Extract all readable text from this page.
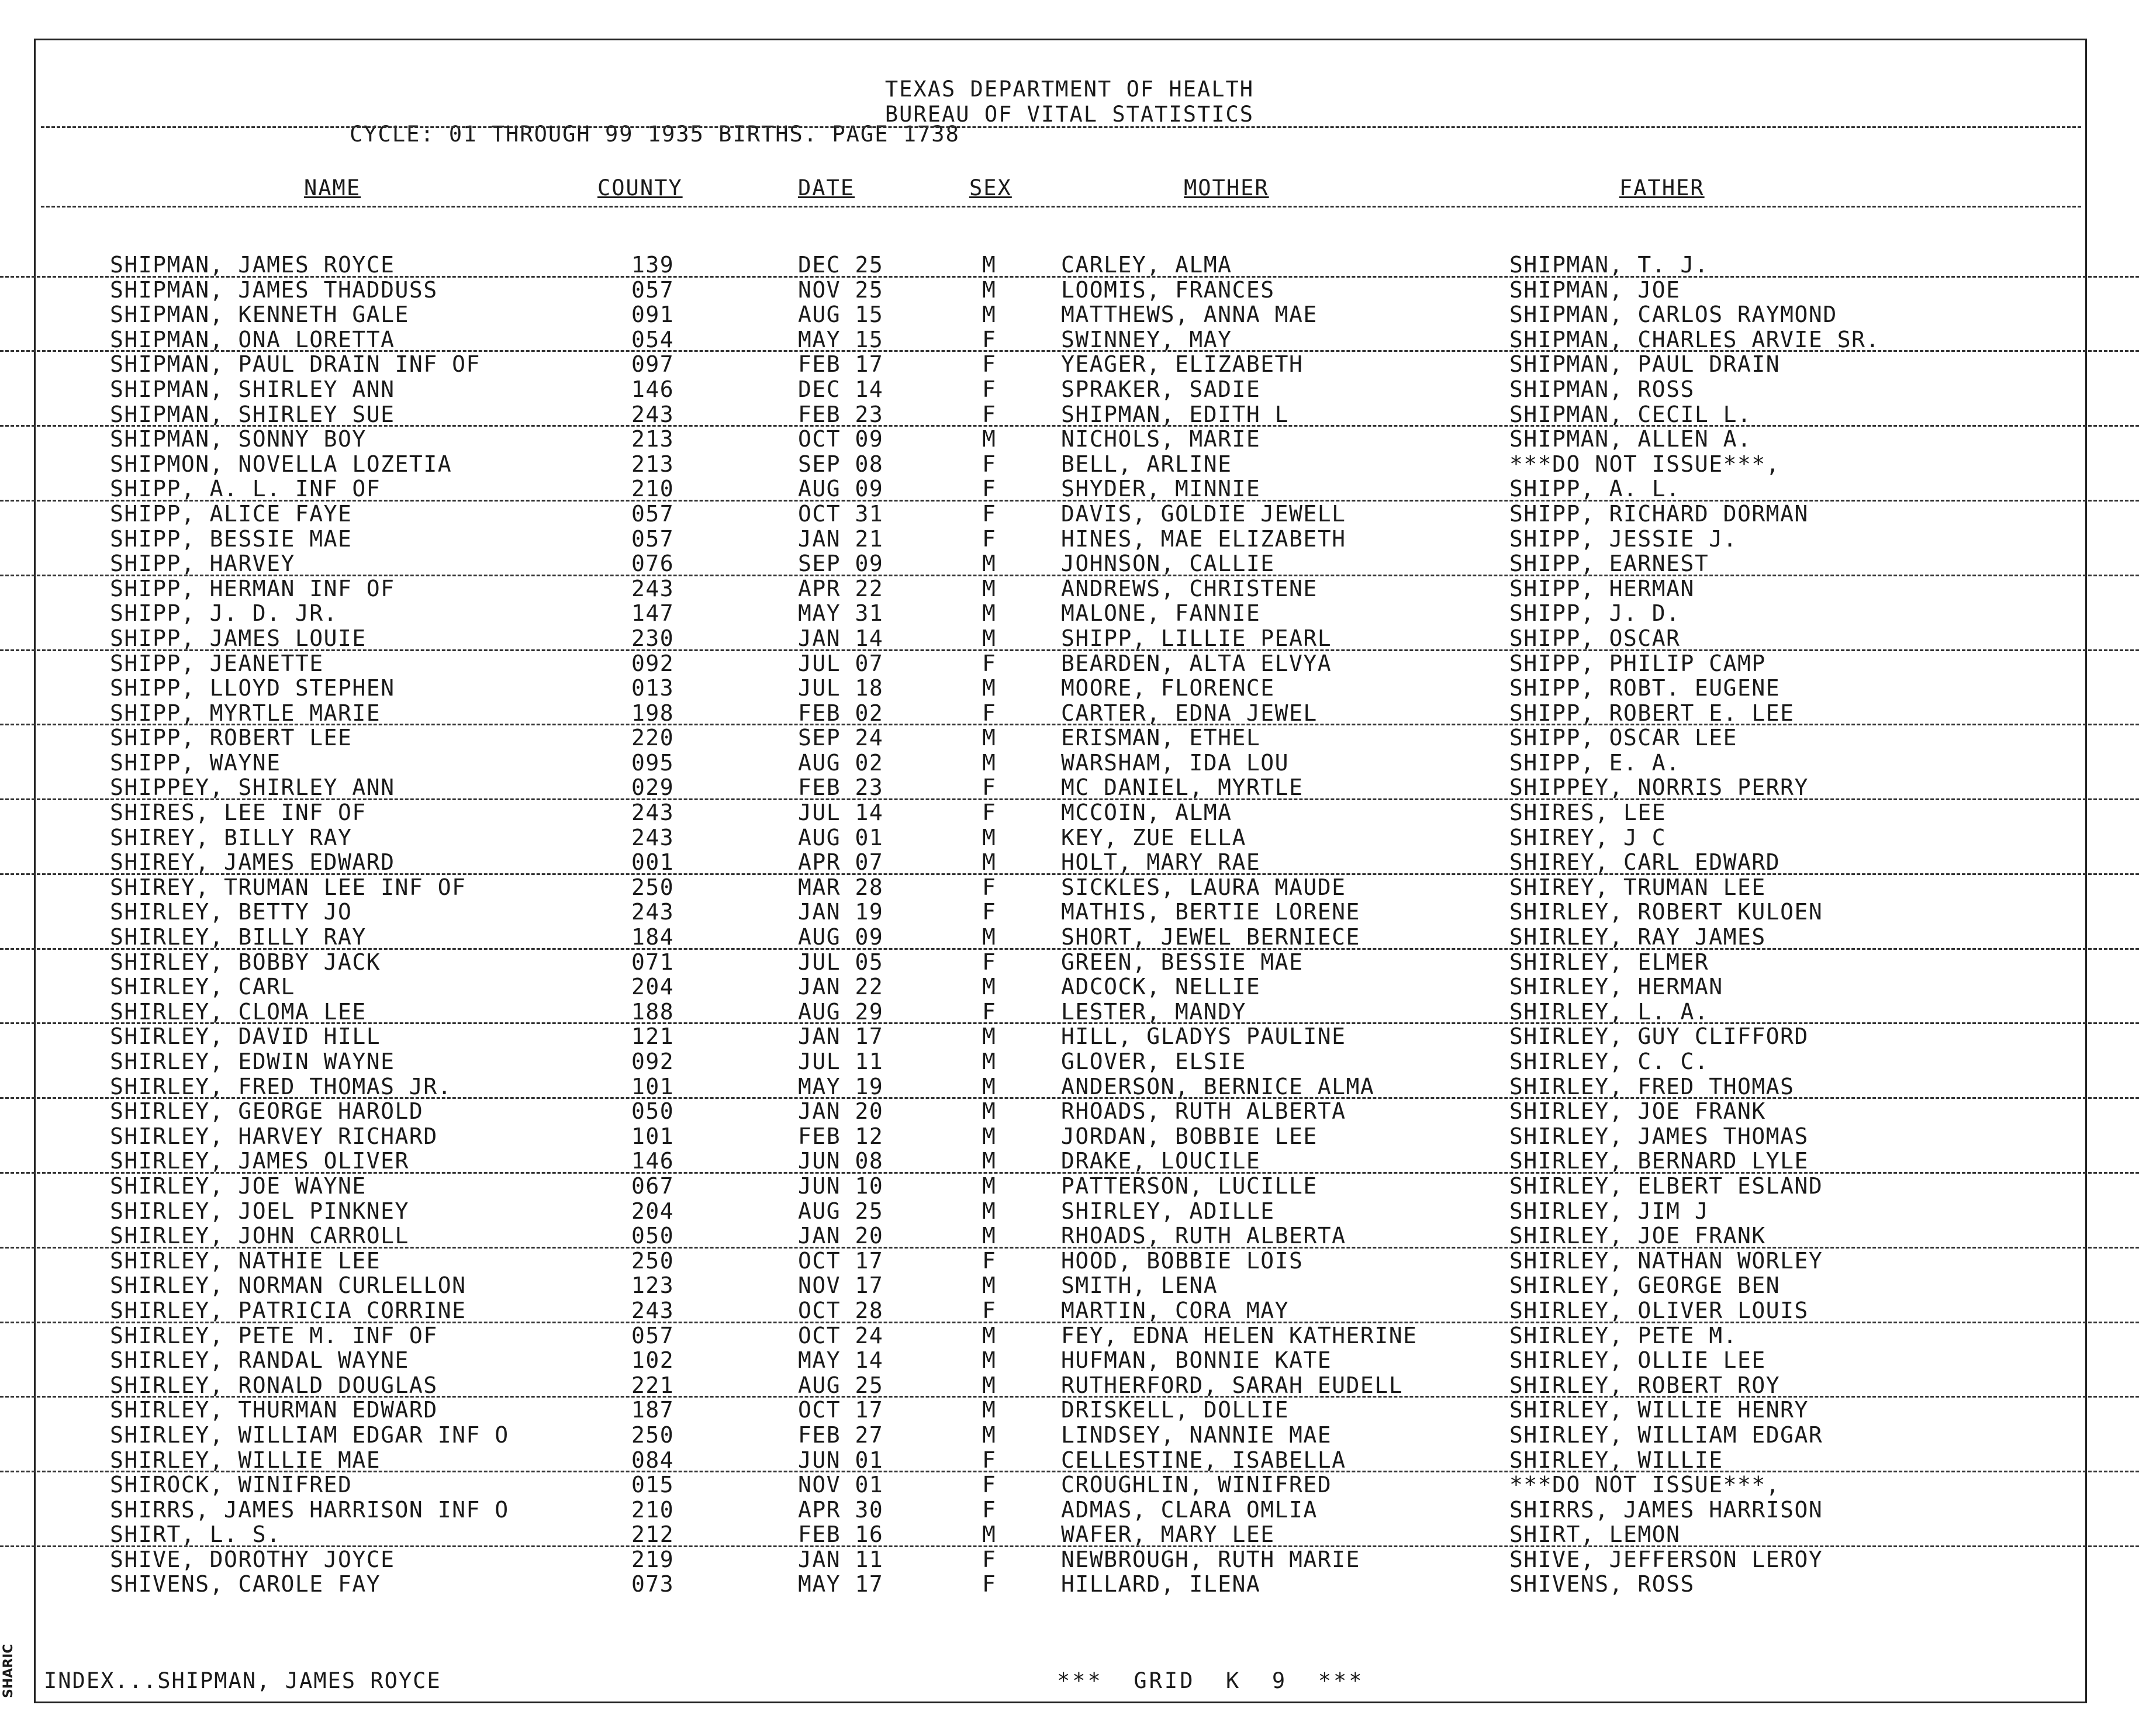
TEXAS DEPARTMENT OF HEALTH
BUREAU OF VITAL STATISTICS
CYCLE: 01 THROUGH 99 1935 BIRTHS. PAGE 1738
NAME	COUNTY	DATE	SEX	MOTHER	FATHER
SHIPMAN, JAMES ROYCE	139	DEC 25	M	CARLEY, ALMA	SHIPMAN, T. J.
SHIPMAN, JAMES THADDUSS	057	NOV 25	M	LOOMIS, FRANCES	SHIPMAN, JOE
SHIPMAN, KENNETH GALE	091	AUG 15	M	MATTHEWS, ANNA MAE	SHIPMAN, CARLOS RAYMOND
SHIPMAN, ONA LORETTA	054	MAY 15	F	SWINNEY, MAY	SHIPMAN, CHARLES ARVIE SR.
SHIPMAN, PAUL DRAIN INF OF	097	FEB 17	F	YEAGER, ELIZABETH	SHIPMAN, PAUL DRAIN
SHIPMAN, SHIRLEY ANN	146	DEC 14	F	SPRAKER, SADIE	SHIPMAN, ROSS
SHIPMAN, SHIRLEY SUE	243	FEB 23	F	SHIPMAN, EDITH L	SHIPMAN, CECIL L.
SHIPMAN, SONNY BOY	213	OCT 09	M	NICHOLS, MARIE	SHIPMAN, ALLEN A.
SHIPMON, NOVELLA LOZETIA	213	SEP 08	F	BELL, ARLINE	***DO NOT ISSUE***,
SHIPP, A. L. INF OF	210	AUG 09	F	SHYDER, MINNIE	SHIPP, A. L.
SHIPP, ALICE FAYE	057	OCT 31	F	DAVIS, GOLDIE JEWELL	SHIPP, RICHARD DORMAN
SHIPP, BESSIE MAE	057	JAN 21	F	HINES, MAE ELIZABETH	SHIPP, JESSIE J.
SHIPP, HARVEY	076	SEP 09	M	JOHNSON, CALLIE	SHIPP, EARNEST
SHIPP, HERMAN INF OF	243	APR 22	M	ANDREWS, CHRISTENE	SHIPP, HERMAN
SHIPP, J. D. JR.	147	MAY 31	M	MALONE, FANNIE	SHIPP, J. D.
SHIPP, JAMES LOUIE	230	JAN 14	M	SHIPP, LILLIE PEARL	SHIPP, OSCAR
SHIPP, JEANETTE	092	JUL 07	F	BEARDEN, ALTA ELVYA	SHIPP, PHILIP CAMP
SHIPP, LLOYD STEPHEN	013	JUL 18	M	MOORE, FLORENCE	SHIPP, ROBT. EUGENE
SHIPP, MYRTLE MARIE	198	FEB 02	F	CARTER, EDNA JEWEL	SHIPP, ROBERT E. LEE
SHIPP, ROBERT LEE	220	SEP 24	M	ERISMAN, ETHEL	SHIPP, OSCAR LEE
SHIPP, WAYNE	095	AUG 02	M	WARSHAM, IDA LOU	SHIPP, E. A.
SHIPPEY, SHIRLEY ANN	029	FEB 23	F	MC DANIEL, MYRTLE	SHIPPEY, NORRIS PERRY
SHIRES, LEE INF OF	243	JUL 14	F	MCCOIN, ALMA	SHIRES, LEE
SHIREY, BILLY RAY	243	AUG 01	M	KEY, ZUE ELLA	SHIREY, J C
SHIREY, JAMES EDWARD	001	APR 07	M	HOLT, MARY RAE	SHIREY, CARL EDWARD
SHIREY, TRUMAN LEE INF OF	250	MAR 28	F	SICKLES, LAURA MAUDE	SHIREY, TRUMAN LEE
SHIRLEY, BETTY JO	243	JAN 19	F	MATHIS, BERTIE LORENE	SHIRLEY, ROBERT KULOEN
SHIRLEY, BILLY RAY	184	AUG 09	M	SHORT, JEWEL BERNIECE	SHIRLEY, RAY JAMES
SHIRLEY, BOBBY JACK	071	JUL 05	F	GREEN, BESSIE MAE	SHIRLEY, ELMER
SHIRLEY, CARL	204	JAN 22	M	ADCOCK, NELLIE	SHIRLEY, HERMAN
SHIRLEY, CLOMA LEE	188	AUG 29	F	LESTER, MANDY	SHIRLEY, L. A.
SHIRLEY, DAVID HILL	121	JAN 17	M	HILL, GLADYS PAULINE	SHIRLEY, GUY CLIFFORD
SHIRLEY, EDWIN WAYNE	092	JUL 11	M	GLOVER, ELSIE	SHIRLEY, C. C.
SHIRLEY, FRED THOMAS JR.	101	MAY 19	M	ANDERSON, BERNICE ALMA	SHIRLEY, FRED THOMAS
SHIRLEY, GEORGE HAROLD	050	JAN 20	M	RHOADS, RUTH ALBERTA	SHIRLEY, JOE FRANK
SHIRLEY, HARVEY RICHARD	101	FEB 12	M	JORDAN, BOBBIE LEE	SHIRLEY, JAMES THOMAS
SHIRLEY, JAMES OLIVER	146	JUN 08	M	DRAKE, LOUCILE	SHIRLEY, BERNARD LYLE
SHIRLEY, JOE WAYNE	067	JUN 10	M	PATTERSON, LUCILLE	SHIRLEY, ELBERT ESLAND
SHIRLEY, JOEL PINKNEY	204	AUG 25	M	SHIRLEY, ADILLE	SHIRLEY, JIM J
SHIRLEY, JOHN CARROLL	050	JAN 20	M	RHOADS, RUTH ALBERTA	SHIRLEY, JOE FRANK
SHIRLEY, NATHIE LEE	250	OCT 17	F	HOOD, BOBBIE LOIS	SHIRLEY, NATHAN WORLEY
SHIRLEY, NORMAN CURLELLON	123	NOV 17	M	SMITH, LENA	SHIRLEY, GEORGE BEN
SHIRLEY, PATRICIA CORRINE	243	OCT 28	F	MARTIN, CORA MAY	SHIRLEY, OLIVER LOUIS
SHIRLEY, PETE M. INF OF	057	OCT 24	M	FEY, EDNA HELEN KATHERINE	SHIRLEY, PETE M.
SHIRLEY, RANDAL WAYNE	102	MAY 14	M	HUFMAN, BONNIE KATE	SHIRLEY, OLLIE LEE
SHIRLEY, RONALD DOUGLAS	221	AUG 25	M	RUTHERFORD, SARAH EUDELL	SHIRLEY, ROBERT ROY
SHIRLEY, THURMAN EDWARD	187	OCT 17	M	DRISKELL, DOLLIE	SHIRLEY, WILLIE HENRY
SHIRLEY, WILLIAM EDGAR INF O	250	FEB 27	M	LINDSEY, NANNIE MAE	SHIRLEY, WILLIAM EDGAR
SHIRLEY, WILLIE MAE	084	JUN 01	F	CELLESTINE, ISABELLA	SHIRLEY, WILLIE
SHIROCK, WINIFRED	015	NOV 01	F	CROUGHLIN, WINIFRED	***DO NOT ISSUE***,
SHIRRS, JAMES HARRISON INF O	210	APR 30	F	ADMAS, CLARA OMLIA	SHIRRS, JAMES HARRISON
SHIRT, L. S.	212	FEB 16	M	WAFER, MARY LEE	SHIRT, LEMON
SHIVE, DOROTHY JOYCE	219	JAN 11	F	NEWBROUGH, RUTH MARIE	SHIVE, JEFFERSON LEROY
SHIVENS, CAROLE FAY	073	MAY 17	F	HILLARD, ILENA	SHIVENS, ROSS
INDEX...SHIPMAN, JAMES ROYCE	***  GRID  K  9  ***
SHARIC
